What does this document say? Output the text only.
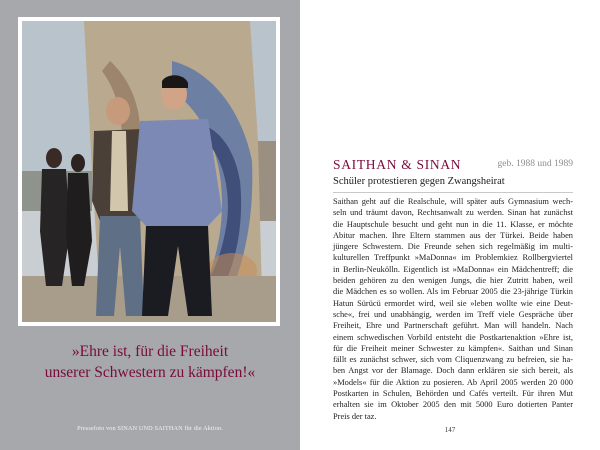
»Ehre ist, für die Freiheit
unserer Schwestern zu kämpfen!«
Pressefoto von SINAN UND SAITHAN für die Aktion.
SAITHAN & SINAN	geb. 1988 und 1989
Schüler protestieren gegen Zwangsheirat
Saithan geht auf die Realschule, will später aufs Gymnasium wech-
seln und träumt davon, Rechtsanwalt zu werden. Sinan hat zunächst
die Hauptschule besucht und geht nun in die 11. Klasse, er möchte
Abitur machen. Ihre Eltern stammen aus der Türkei. Beide haben
jüngere Schwestern. Die Freunde sehen sich regelmäßig im multi-
kulturellen Treffpunkt »MaDonna« im Problemkiez Rollbergviertel
in Berlin-Neukölln. Eigentlich ist »MaDonna« ein Mädchentreff; die
beiden gehören zu den wenigen Jungs, die hier Zutritt haben, weil
die Mädchen es so wollen. Als im Februar 2005 die 23-jährige Türkin
Hatun Sürücü ermordet wird, weil sie »leben wollte wie eine Deut-
sche«, frei und unabhängig, werden im Treff viele Gespräche über
Freiheit, Ehre und Partnerschaft geführt. Man will handeln. Nach
einem schwedischen Vorbild entsteht die Postkartenaktion »Ehre ist,
für die Freiheit meiner Schwester zu kämpfen«. Saithan und Sinan
fällt es zunächst schwer, sich vom Cliquenzwang zu befreien, sie ha-
ben Angst vor der Blamage. Doch dann erklären sie sich bereit, als
»Models« für die Aktion zu posieren. Ab April 2005 werden 20 000
Postkarten in Schulen, Behörden und Cafés verteilt. Für ihren Mut
erhalten sie im Oktober 2005 den mit 5000 Euro dotierten Panter
Preis der taz.
147
